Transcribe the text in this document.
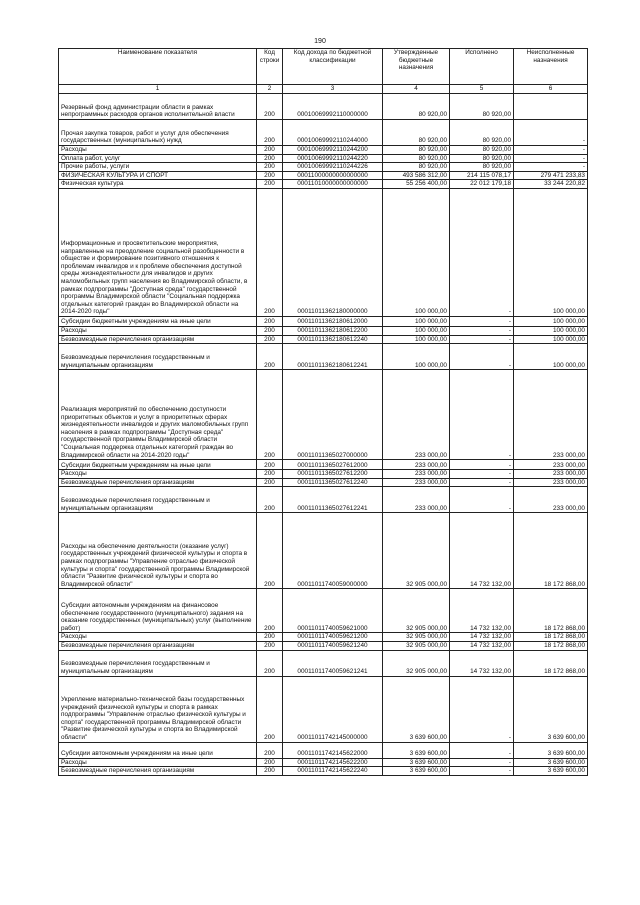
190
Наименование показателя	Код строки	Код дохода по бюджетной классификации	Утвержденные бюджетные назначения	Исполнено	Неисполненные назначения
1	2	3	4	5	6
Резервный фонд администрации области в рамках непрограммных расходов органов исполнительной власти	200	00010069992110000000	80 920,00	80 920,00	
Прочая закупка товаров, работ и услуг для обеспечения государственных (муниципальных) нужд	200	00010069992110244000	80 920,00	80 920,00	-
Расходы	200	00010069992110244200	80 920,00	80 920,00	-
Оплата работ, услуг	200	00010069992110244220	80 920,00	80 920,00	-
Прочие работы, услуги	200	00010069992110244226	80 920,00	80 920,00	-
ФИЗИЧЕСКАЯ КУЛЬТУРА И СПОРТ	200	00011000000000000000	493 586 312,00	214 115 078,17	279 471 233,83
Физическая культура	200	00011010000000000000	55 256 400,00	22 012 179,18	33 244 220,82
Информационные и просветительские мероприятия, направленные на преодоление социальной разобщенности в обществе и формирование позитивного отношения к проблемам инвалидов и к проблеме обеспечения доступной среды жизнедеятельности для инвалидов и других маломобильных групп населения во Владимирской области, в рамках подпрограммы "Доступная среда" государственной программы Владимирской области "Социальная поддержка отдельных категорий граждан во Владимирской области на 2014-2020 годы"	200	00011011362180000000	100 000,00	-	100 000,00
Субсидии бюджетным учреждениям на иные цели	200	00011011362180612000	100 000,00	-	100 000,00
Расходы	200	00011011362180612200	100 000,00	-	100 000,00
Безвозмездные перечисления организациям	200	00011011362180612240	100 000,00	-	100 000,00
Безвозмездные перечисления государственным и муниципальным организациям	200	00011011362180612241	100 000,00	-	100 000,00
Реализация мероприятий по обеспечению доступности приоритетных объектов и услуг в приоритетных сферах жизнедеятельности инвалидов и других маломобильных групп населения в рамках подпрограммы "Доступная среда" государственной программы Владимирской области "Социальная поддержка отдельных категорий граждан во Владимирской области на 2014-2020 годы"	200	00011011365027000000	233 000,00	-	233 000,00
Субсидии бюджетным учреждениям на иные цели	200	00011011365027612000	233 000,00	-	233 000,00
Расходы	200	00011011365027612200	233 000,00	-	233 000,00
Безвозмездные перечисления организациям	200	00011011365027612240	233 000,00	-	233 000,00
Безвозмездные перечисления государственным и муниципальным организациям	200	00011011365027612241	233 000,00	-	233 000,00
Расходы на обеспечение деятельности (оказание услуг) государственных учреждений физической культуры и спорта в рамках подпрограммы "Управление отраслью физической культуры и спорта" государственной программы Владимирской области "Развитие физической культуры и спорта во Владимирской области"	200	00011011740059000000	32 905 000,00	14 732 132,00	18 172 868,00
Субсидии автономным учреждениям на финансовое обеспечение государственного (муниципального) задания на оказание государственных (муниципальных) услуг (выполнение работ)	200	00011011740059621000	32 905 000,00	14 732 132,00	18 172 868,00
Расходы	200	00011011740059621200	32 905 000,00	14 732 132,00	18 172 868,00
Безвозмездные перечисления организациям	200	00011011740059621240	32 905 000,00	14 732 132,00	18 172 868,00
Безвозмездные перечисления государственным и муниципальным организациям	200	00011011740059621241	32 905 000,00	14 732 132,00	18 172 868,00
Укрепление материально-технической базы государственных учреждений физической культуры и спорта в рамках подпрограммы "Управление отраслью физической культуры и спорта" государственной программы Владимирской области "Развитие физической культуры и спорта во Владимирской области"	200	00011011742145000000	3 639 600,00	-	3 639 600,00
Субсидии автономным учреждениям на иные цели	200	00011011742145622000	3 639 600,00	-	3 639 600,00
Расходы	200	00011011742145622200	3 639 600,00	-	3 639 600,00
Безвозмездные перечисления организациям	200	00011011742145622240	3 639 600,00	-	3 639 600,00
